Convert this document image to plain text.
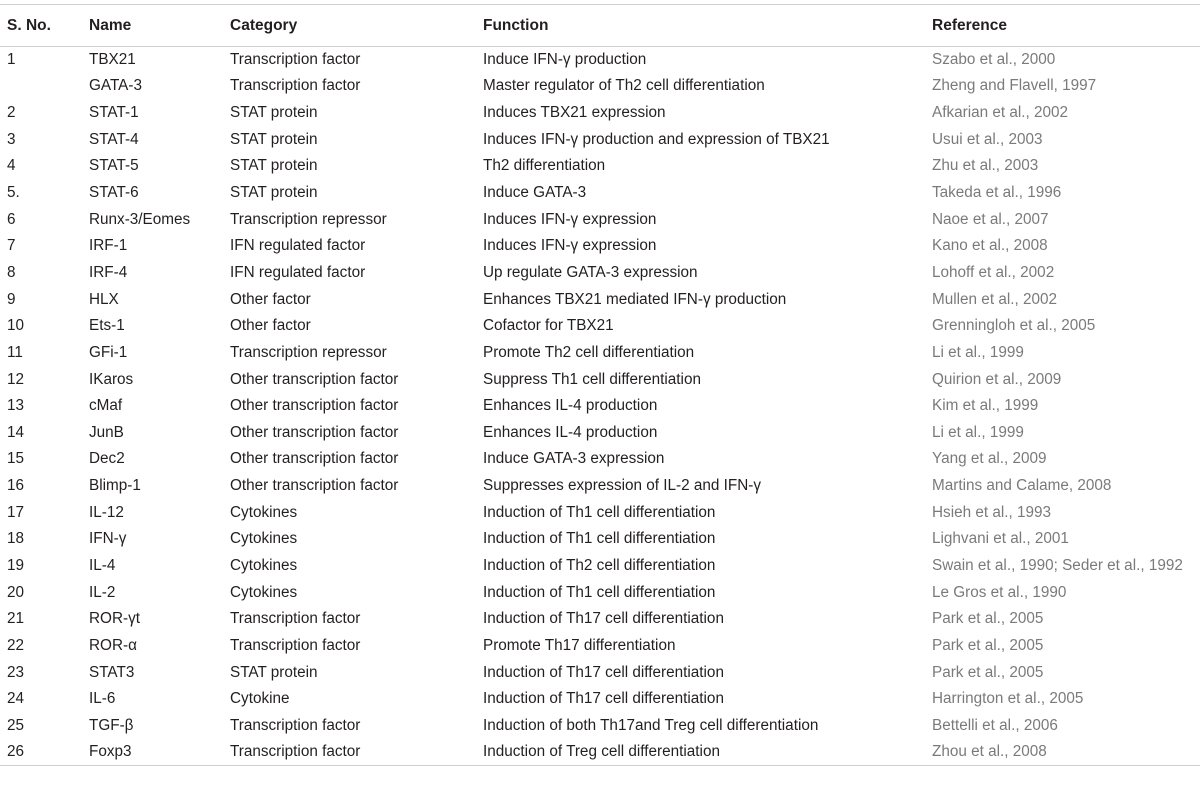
S. No.	Name	Category	Function	Reference
1	TBX21	Transcription factor	Induce IFN-γ production	Szabo et al., 2000
	GATA-3	Transcription factor	Master regulator of Th2 cell differentiation	Zheng and Flavell, 1997
2	STAT-1	STAT protein	Induces TBX21 expression	Afkarian et al., 2002
3	STAT-4	STAT protein	Induces IFN-γ production and expression of TBX21	Usui et al., 2003
4	STAT-5	STAT protein	Th2 differentiation	Zhu et al., 2003
5.	STAT-6	STAT protein	Induce GATA-3	Takeda et al., 1996
6	Runx-3/Eomes	Transcription repressor	Induces IFN-γ expression	Naoe et al., 2007
7	IRF-1	IFN regulated factor	Induces IFN-γ expression	Kano et al., 2008
8	IRF-4	IFN regulated factor	Up regulate GATA-3 expression	Lohoff et al., 2002
9	HLX	Other factor	Enhances TBX21 mediated IFN-γ production	Mullen et al., 2002
10	Ets-1	Other factor	Cofactor for TBX21	Grenningloh et al., 2005
11	GFi-1	Transcription repressor	Promote Th2 cell differentiation	Li et al., 1999
12	IKaros	Other transcription factor	Suppress Th1 cell differentiation	Quirion et al., 2009
13	cMaf	Other transcription factor	Enhances IL-4 production	Kim et al., 1999
14	JunB	Other transcription factor	Enhances IL-4 production	Li et al., 1999
15	Dec2	Other transcription factor	Induce GATA-3 expression	Yang et al., 2009
16	Blimp-1	Other transcription factor	Suppresses expression of IL-2 and IFN-γ	Martins and Calame, 2008
17	IL-12	Cytokines	Induction of Th1 cell differentiation	Hsieh et al., 1993
18	IFN-γ	Cytokines	Induction of Th1 cell differentiation	Lighvani et al., 2001
19	IL-4	Cytokines	Induction of Th2 cell differentiation	Swain et al., 1990; Seder et al., 1992
20	IL-2	Cytokines	Induction of Th1 cell differentiation	Le Gros et al., 1990
21	ROR-γt	Transcription factor	Induction of Th17 cell differentiation	Park et al., 2005
22	ROR-α	Transcription factor	Promote Th17 differentiation	Park et al., 2005
23	STAT3	STAT protein	Induction of Th17 cell differentiation	Park et al., 2005
24	IL-6	Cytokine	Induction of Th17 cell differentiation	Harrington et al., 2005
25	TGF-β	Transcription factor	Induction of both Th17and Treg cell differentiation	Bettelli et al., 2006
26	Foxp3	Transcription factor	Induction of Treg cell differentiation	Zhou et al., 2008
